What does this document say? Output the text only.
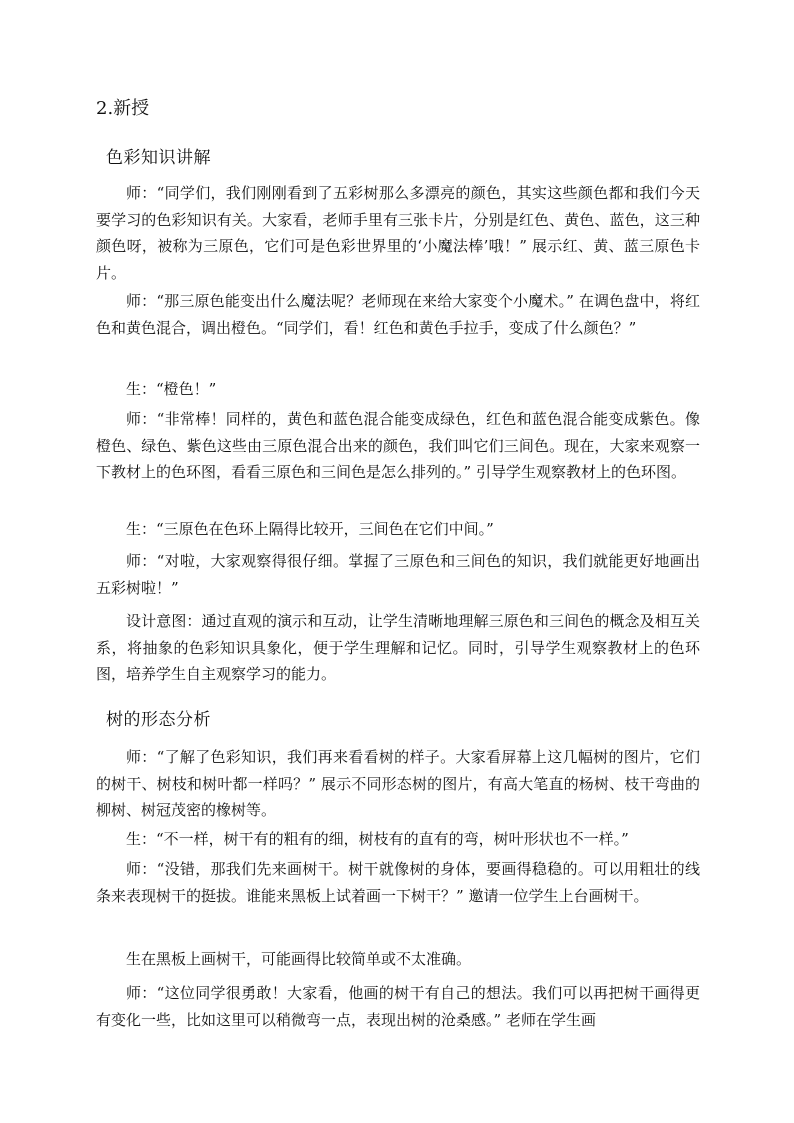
2.新授
色彩知识讲解

师：“同学们，我们刚刚看到了五彩树那么多漂亮的颜色，其实这些颜色都和我们今天要学习的色彩知识有关。大家看，老师手里有三张卡片，分别是红色、黄色、蓝色，这三种颜色呀，被称为三原色，它们可是色彩世界里的‘小魔法棒’哦！” 展示红、黄、蓝三原色卡片。

师：“那三原色能变出什么魔法呢？老师现在来给大家变个小魔术。” 在调色盘中，将红色和黄色混合，调出橙色。“同学们，看！红色和黄色手拉手，变成了什么颜色？”

生：“橙色！”

师：“非常棒！同样的，黄色和蓝色混合能变成绿色，红色和蓝色混合能变成紫色。像橙色、绿色、紫色这些由三原色混合出来的颜色，我们叫它们三间色。现在，大家来观察一下教材上的色环图，看看三原色和三间色是怎么排列的。” 引导学生观察教材上的色环图。

生：“三原色在色环上隔得比较开，三间色在它们中间。”

师：“对啦，大家观察得很仔细。掌握了三原色和三间色的知识，我们就能更好地画出五彩树啦！”

设计意图：通过直观的演示和互动，让学生清晰地理解三原色和三间色的概念及相互关系，将抽象的色彩知识具象化，便于学生理解和记忆。同时，引导学生观察教材上的色环图，培养学生自主观察学习的能力。

树的形态分析

师：“了解了色彩知识，我们再来看看树的样子。大家看屏幕上这几幅树的图片，它们的树干、树枝和树叶都一样吗？” 展示不同形态树的图片，有高大笔直的杨树、枝干弯曲的柳树、树冠茂密的橡树等。

生：“不一样，树干有的粗有的细，树枝有的直有的弯，树叶形状也不一样。”

师：“没错，那我们先来画树干。树干就像树的身体，要画得稳稳的。可以用粗壮的线条来表现树干的挺拔。谁能来黑板上试着画一下树干？” 邀请一位学生上台画树干。

生在黑板上画树干，可能画得比较简单或不太准确。

师：“这位同学很勇敢！大家看，他画的树干有自己的想法。我们可以再把树干画得更有变化一些，比如这里可以稍微弯一点，表现出树的沧桑感。” 老师在学生画
